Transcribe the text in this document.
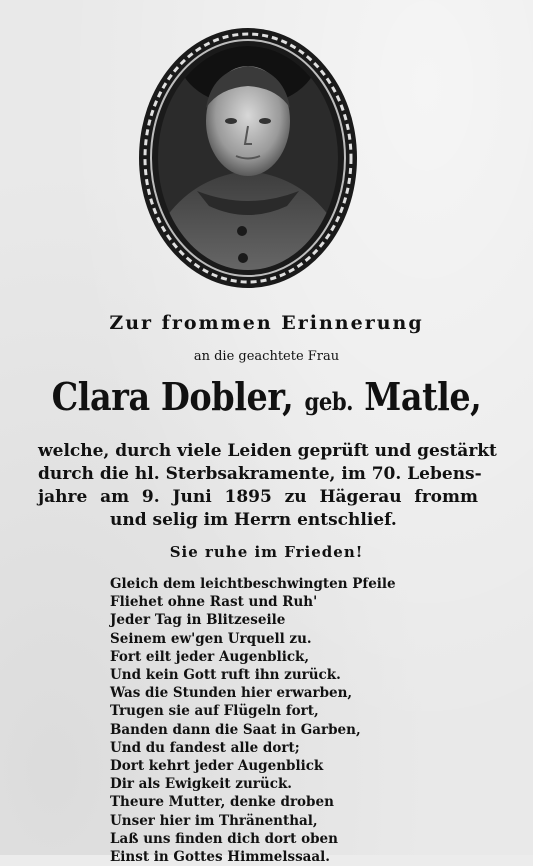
Zur frommen Erinnerung
an die geachtete Frau
Clara Dobler, geb. Matle,
welche, durch viele Leiden geprüft und gestärkt
durch die hl. Sterbsakramente, im 70. Lebens-
jahre am 9. Juni 1895 zu Hägerau fromm
und selig im Herrn entschlief.
Sie ruhe im Frieden!
Gleich dem leichtbeschwingten Pfeile
Fliehet ohne Rast und Ruh'
Jeder Tag in Blitzeseile
Seinem ew'gen Urquell zu.
Fort eilt jeder Augenblick,
Und kein Gott ruft ihn zurück.
Was die Stunden hier erwarben,
Trugen sie auf Flügeln fort,
Banden dann die Saat in Garben,
Und du fandest alle dort;
Dort kehrt jeder Augenblick
Dir als Ewigkeit zurück.
Theure Mutter, denke droben
Unser hier im Thränenthal,
Laß uns finden dich dort oben
Einst in Gottes Himmelssaal.
